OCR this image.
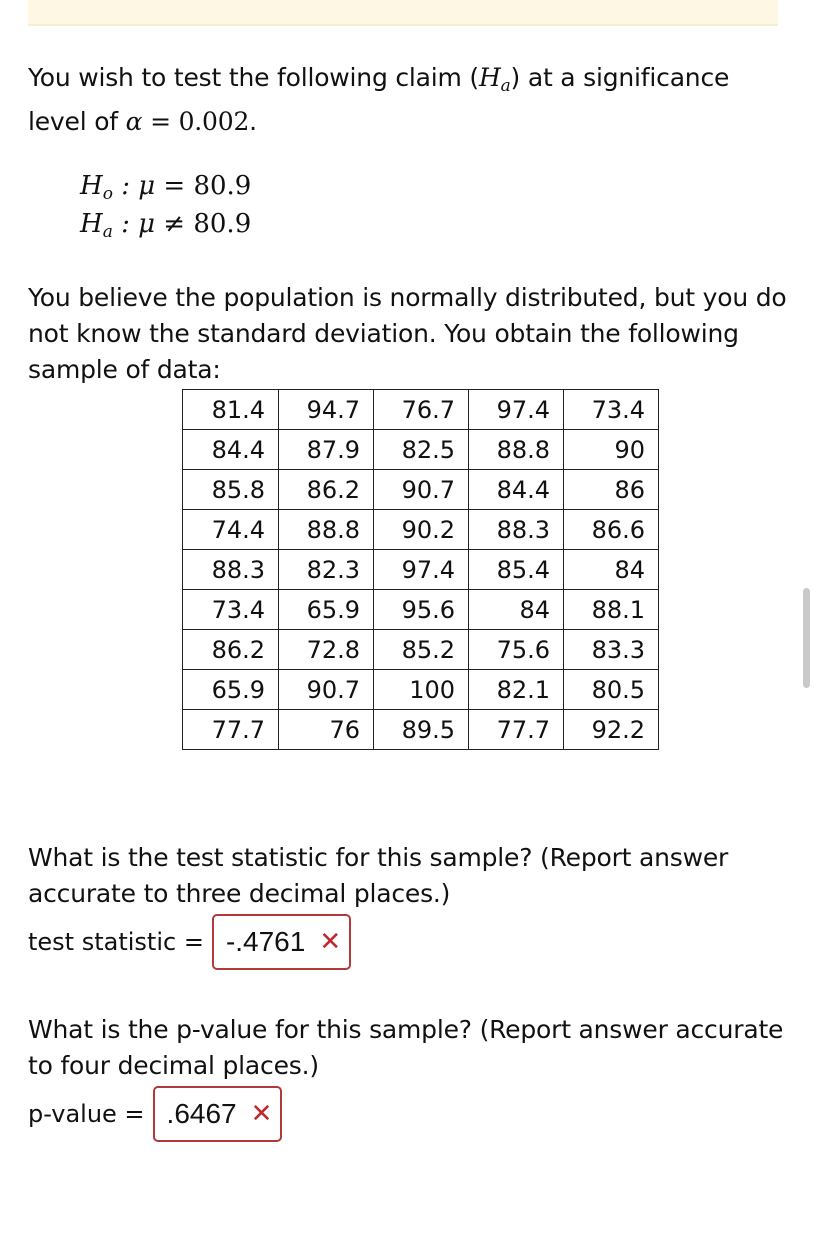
You wish to test the following claim $(H_a)$ at a significance level of α = 0.002.
$H_o$ : μ = 80.9
$H_a$ : μ ≠ 80.9
You believe the population is normally distributed, but you do not know the standard deviation. You obtain the following sample of data:
81.4	94.7	76.7	97.4	73.4
84.4	87.9	82.5	88.8	90
85.8	86.2	90.7	84.4	86
74.4	88.8	90.2	88.3	86.6
88.3	82.3	97.4	85.4	84
73.4	65.9	95.6	84	88.1
86.2	72.8	85.2	75.6	83.3
65.9	90.7	100	82.1	80.5
77.7	76	89.5	77.7	92.2
What is the test statistic for this sample? (Report answer accurate to three decimal places.)
test statistic = -.4761 ✕
What is the p-value for this sample? (Report answer accurate to four decimal places.)
p-value = .6467 ✕
